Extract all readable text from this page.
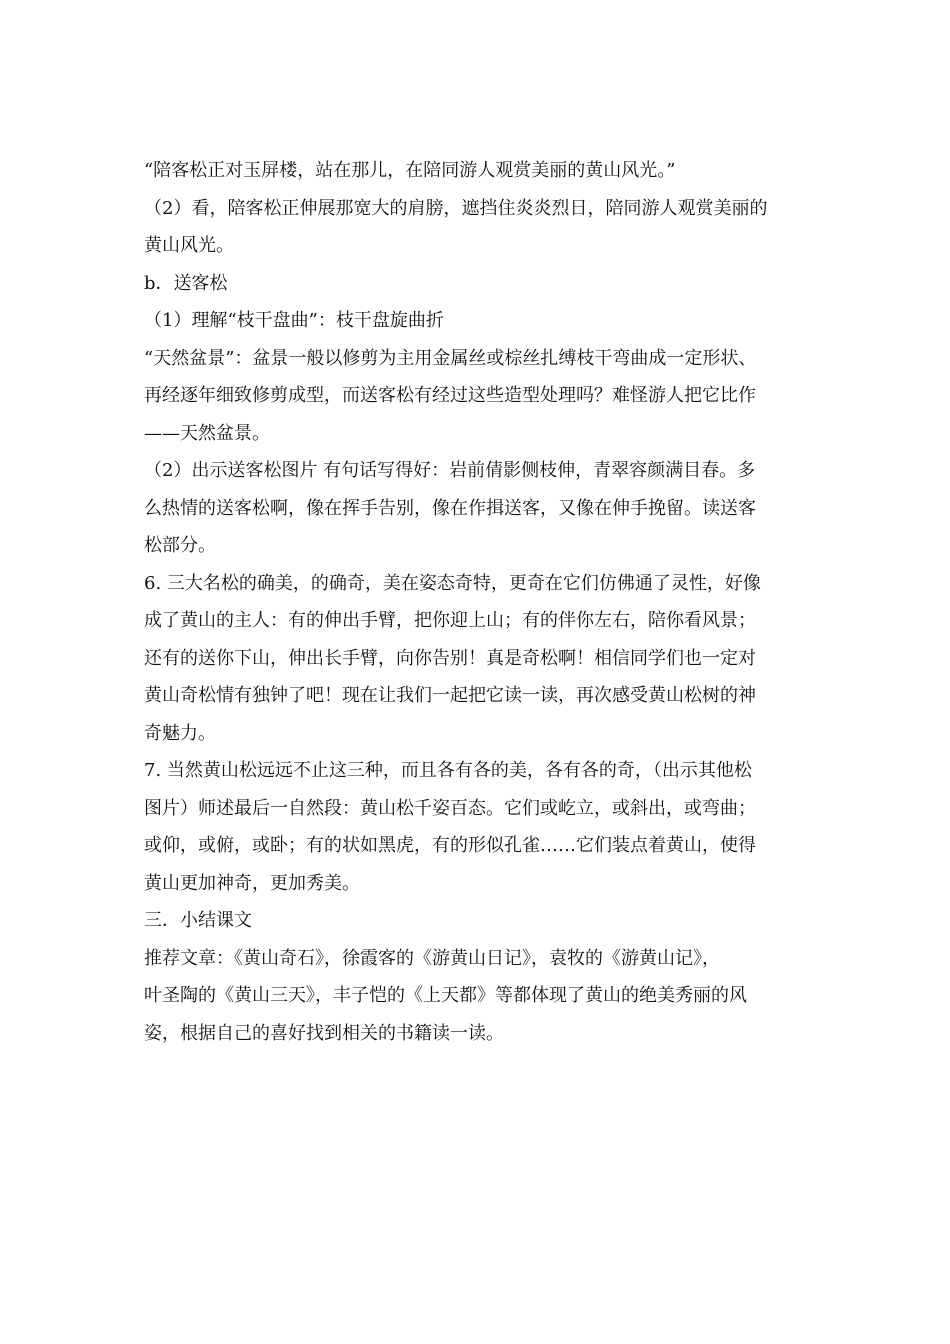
“陪客松正对玉屏楼，站在那儿，在陪同游人观赏美丽的黄山风光。”
（2）看，陪客松正伸展那宽大的肩膀，遮挡住炎炎烈日，陪同游人观赏美丽的
黄山风光。
b．送客松
（1）理解“枝干盘曲”：枝干盘旋曲折
“天然盆景”：盆景一般以修剪为主用金属丝或棕丝扎缚枝干弯曲成一定形状、
再经逐年细致修剪成型，而送客松有经过这些造型处理吗？难怪游人把它比作
——天然盆景。
（2）出示送客松图片 有句话写得好：岩前倩影侧枝伸，青翠容颜满目春。多
么热情的送客松啊，像在挥手告别，像在作揖送客，又像在伸手挽留。读送客
松部分。
6. 三大名松的确美，的确奇，美在姿态奇特，更奇在它们仿佛通了灵性，好像
成了黄山的主人：有的伸出手臂，把你迎上山；有的伴你左右，陪你看风景；
还有的送你下山，伸出长手臂，向你告别！真是奇松啊！相信同学们也一定对
黄山奇松情有独钟了吧！现在让我们一起把它读一读，再次感受黄山松树的神
奇魅力。
7. 当然黄山松远远不止这三种，而且各有各的美，各有各的奇，（出示其他松
图片）师述最后一自然段：黄山松千姿百态。它们或屹立，或斜出，或弯曲；
或仰，或俯，或卧；有的状如黑虎，有的形似孔雀……它们装点着黄山，使得
黄山更加神奇，更加秀美。
三．小结课文
推荐文章：《黄山奇石》，徐霞客的《游黄山日记》，袁牧的《游黄山记》，
叶圣陶的《黄山三天》，丰子恺的《上天都》等都体现了黄山的绝美秀丽的风
姿，根据自己的喜好找到相关的书籍读一读。
